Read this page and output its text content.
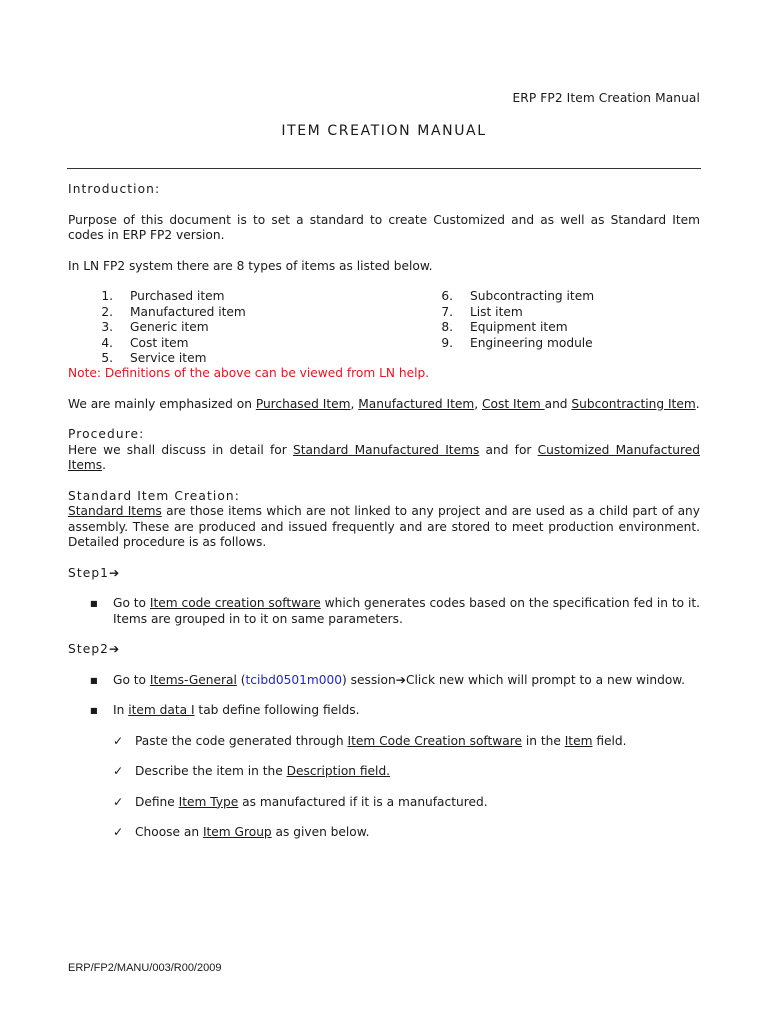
ERP FP2 Item Creation Manual
ITEM CREATION MANUAL

Introduction:

Purpose of this document is to set a standard to create Customized and as well as Standard Item codes in ERP FP2 version.

In LN FP2 system there are 8 types of items as listed below.

1. Purchased item
2. Manufactured item
3. Generic item
4. Cost item
5. Service item
6. Subcontracting item
7. List item
8. Equipment item
9. Engineering module

Note: Definitions of the above can be viewed from LN help.

We are mainly emphasized on Purchased Item, Manufactured Item, Cost Item and Subcontracting Item.

Procedure:

Here we shall discuss in detail for Standard Manufactured Items and for Customized Manufactured Items.

Standard Item Creation:

Standard Items are those items which are not linked to any project and are used as a child part of any assembly. These are produced and issued frequently and are stored to meet production environment. Detailed procedure is as follows.

Step1➔

■ Go to Item code creation software which generates codes based on the specification fed in to it. Items are grouped in to it on same parameters.

Step2➔

■ Go to Items-General (tcibd0501m000) session➔Click new which will prompt to a new window.

■ In item data I tab define following fields.

✓ Paste the code generated through Item Code Creation software in the Item field.

✓ Describe the item in the Description field.

✓ Define Item Type as manufactured if it is a manufactured.

✓ Choose an Item Group as given below.

ERP/FP2/MANU/003/R00/2009
